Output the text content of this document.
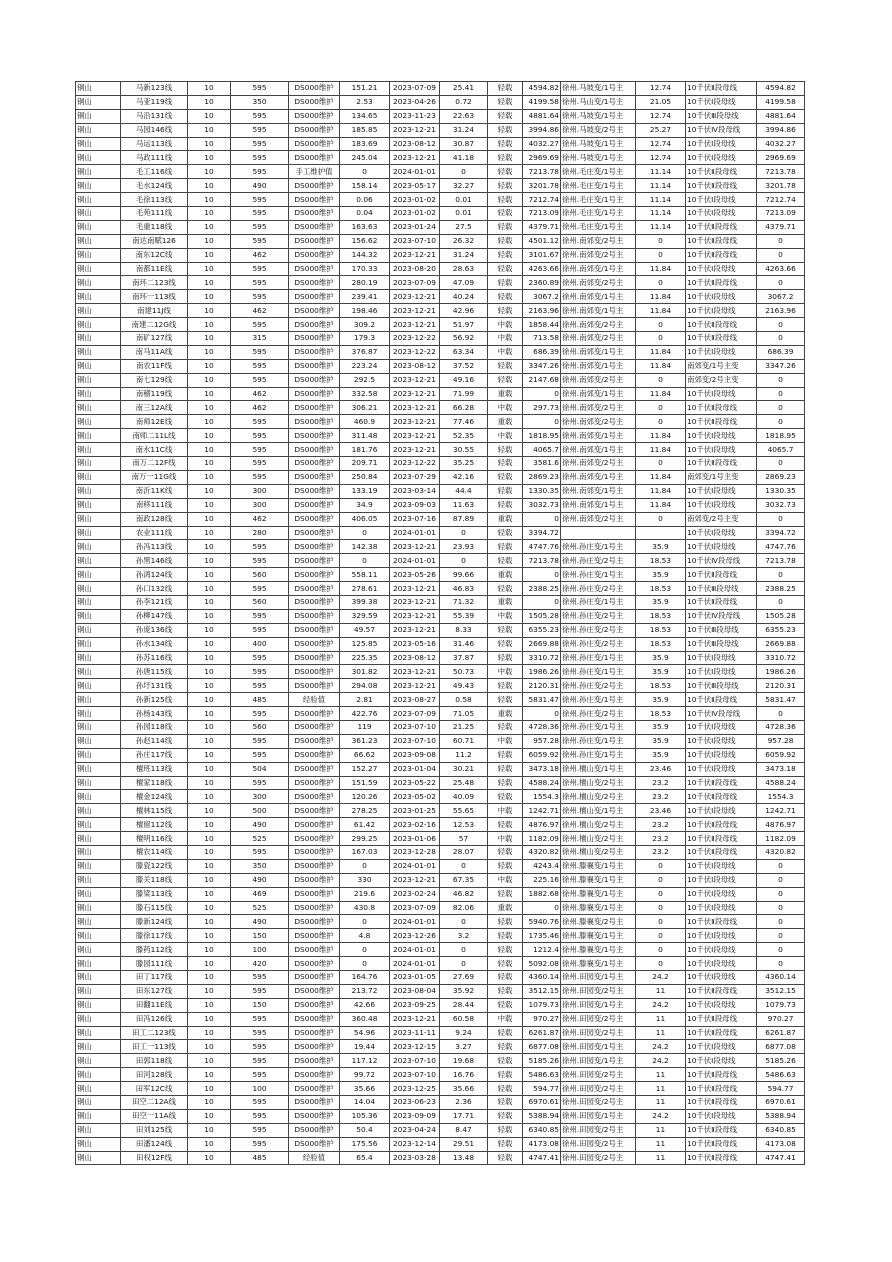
铜山	马新123线	10	595	DS000维护	151.21	2023-07-09	25.41	轻载	4594.82	徐州.马坡变/1号主	12.74	10千伏Ⅱ段母线	4594.82
铜山	马亚119线	10	350	DS000维护	2.53	2023-04-26	0.72	轻载	4199.58	徐州.马山变/1号主	21.05	10千伏Ⅰ段母线	4199.58
铜山	马沿131线	10	595	DS000维护	134.65	2023-11-23	22.63	轻载	4881.64	徐州.马坡变/1号主	12.74	10千伏Ⅲ段母线	4881.64
铜山	马园146线	10	595	DS000维护	185.85	2023-12-21	31.24	轻载	3994.86	徐州.马坡变/2号主	25.27	10千伏Ⅳ段母线	3994.86
铜山	马运113线	10	595	DS000维护	183.69	2023-08-12	30.87	轻载	4032.27	徐州.马坡变/1号主	12.74	10千伏Ⅰ段母线	4032.27
铜山	马政111线	10	595	DS000维护	245.04	2023-12-21	41.18	轻载	2969.69	徐州.马坡变/1号主	12.74	10千伏Ⅰ段母线	2969.69
铜山	毛工116线	10	595	手工维护值	0	2024-01-01	0	轻载	7213.78	徐州.毛庄变/1号主	11.14	10千伏Ⅱ段母线	7213.78
铜山	毛水124线	10	490	DS000维护	158.14	2023-05-17	32.27	轻载	3201.78	徐州.毛庄变/1号主	11.14	10千伏Ⅱ段母线	3201.78
铜山	毛徐113线	10	595	DS000维护	0.06	2023-01-02	0.01	轻载	7212.74	徐州.毛庄变/1号主	11.14	10千伏Ⅰ段母线	7212.74
铜山	毛苑111线	10	595	DS000维护	0.04	2023-01-02	0.01	轻载	7213.09	徐州.毛庄变/1号主	11.14	10千伏Ⅰ段母线	7213.09
铜山	毛重118线	10	595	DS000维护	163.63	2023-01-24	27.5	轻载	4379.71	徐州.毛庄变/1号主	11.14	10千伏Ⅱ段母线	4379.71
铜山	南达南赋126	10	595	DS000维护	156.62	2023-07-10	26.32	轻载	4501.12	徐州.南郊变/2号主	0	10千伏Ⅱ段母线	0
铜山	南东12C线	10	462	DS000维护	144.32	2023-12-21	31.24	轻载	3101.67	徐州.南郊变/2号主	0	10千伏Ⅱ段母线	0
铜山	南都11E线	10	595	DS000维护	170.33	2023-08-20	28.63	轻载	4263.66	徐州.南郊变/1号主	11.84	10千伏Ⅰ段母线	4263.66
铜山	南环二123线	10	595	DS000维护	280.19	2023-07-09	47.09	轻载	2360.89	徐州.南郊变/2号主	0	10千伏Ⅱ段母线	0
铜山	南环一113线	10	595	DS000维护	239.41	2023-12-21	40.24	轻载	3067.2	徐州.南郊变/1号主	11.84	10千伏Ⅰ段母线	3067.2
铜山	南建11J线	10	462	DS000维护	198.46	2023-12-21	42.96	轻载	2163.96	徐州.南郊变/1号主	11.84	10千伏Ⅰ段母线	2163.96
铜山	南建二12G线	10	595	DS000维护	309.2	2023-12-21	51.97	中载	1858.44	徐州.南郊变/2号主	0	10千伏Ⅱ段母线	0
铜山	南矿127线	10	315	DS000维护	179.3	2023-12-22	56.92	中载	713.58	徐州.南郊变/2号主	0	10千伏Ⅱ段母线	0
铜山	南马11A线	10	595	DS000维护	376.87	2023-12-22	63.34	中载	686.39	徐州.南郊变/1号主	11.84	10千伏Ⅰ段母线	686.39
铜山	南农11F线	10	595	DS000维护	223.24	2023-08-12	37.52	轻载	3347.26	徐州.南郊变/1号主	11.84	南郊变/1号主变	3347.26
铜山	南七129线	10	595	DS000维护	292.5	2023-12-21	49.16	轻载	2147.68	徐州.南郊变/2号主	0	南郊变/2号主变	0
铜山	南稽119线	10	462	DS000维护	332.58	2023-12-21	71.99	重载	0	徐州.南郊变/1号主	11.84	10千伏Ⅰ段母线	0
铜山	南三12A线	10	462	DS000维护	306.21	2023-12-21	66.28	中载	297.73	徐州.南郊变/2号主	0	10千伏Ⅱ段母线	0
铜山	南师12E线	10	595	DS000维护	460.9	2023-12-21	77.46	重载	0	徐州.南郊变/2号主	0	10千伏Ⅱ段母线	0
铜山	南师二11L线	10	595	DS000维护	311.48	2023-12-21	52.35	中载	1818.95	徐州.南郊变/1号主	11.84	10千伏Ⅰ段母线	1818.95
铜山	南水11C线	10	595	DS000维护	181.76	2023-12-21	30.55	轻载	4065.7	徐州.南郊变/1号主	11.84	10千伏Ⅰ段母线	4065.7
铜山	南万二12F线	10	595	DS000维护	209.71	2023-12-22	35.25	轻载	3581.6	徐州.南郊变/2号主	0	10千伏Ⅱ段母线	0
铜山	南万一11G线	10	595	DS000维护	250.84	2023-07-29	42.16	轻载	2869.23	徐州.南郊变/1号主	11.84	南郊变/1号主变	2869.23
铜山	南沂11K线	10	300	DS000维护	133.19	2023-03-14	44.4	轻载	1330.35	徐州.南郊变/1号主	11.84	10千伏Ⅰ段母线	1330.35
铜山	南移111线	10	300	DS000维护	34.9	2023-09-03	11.63	轻载	3032.73	徐州.南郊变/1号主	11.84	10千伏Ⅰ段母线	3032.73
铜山	南政128线	10	462	DS000维护	406.05	2023-07-16	87.89	重载	0	徐州.南郊变/2号主	0	南郊变/2号主变	0
铜山	农业111线	10	280	DS000维护	0	2024-01-01	0	轻载	3394.72			10千伏Ⅰ段母线	3394.72
铜山	孙冯113线	10	595	DS000维护	142.38	2023-12-21	23.93	轻载	4747.76	徐州.孙庄变/1号主	35.9	10千伏Ⅰ段母线	4747.76
铜山	孙黑146线	10	595	DS000维护	0	2024-01-01	0	轻载	7213.78	徐州.孙庄变/2号主	18.53	10千伏Ⅳ段母线	7213.78
铜山	孙鸿124线	10	560	DS000维护	558.11	2023-05-26	99.66	重载	0	徐州.孙庄变/1号主	35.9	10千伏Ⅱ段母线	0
铜山	孙口132线	10	595	DS000维护	278.61	2023-12-21	46.83	轻载	2388.25	徐州.孙庄变/2号主	18.53	10千伏Ⅲ段母线	2388.25
铜山	孙李121线	10	560	DS000维护	399.38	2023-12-21	71.32	重载	0	徐州.孙庄变/1号主	35.9	10千伏Ⅱ段母线	0
铜山	孙柳147线	10	595	DS000维护	329.59	2023-12-21	55.39	中载	1505.28	徐州.孙庄变/2号主	18.53	10千伏Ⅳ段母线	1505.28
铜山	孙庞136线	10	595	DS000维护	49.57	2023-12-21	8.33	轻载	6355.23	徐州.孙庄变/2号主	18.53	10千伏Ⅲ段母线	6355.23
铜山	孙水134线	10	400	DS000维护	125.85	2023-05-16	31.46	轻载	2669.88	徐州.孙庄变/2号主	18.53	10千伏Ⅲ段母线	2669.88
铜山	孙苏116线	10	595	DS000维护	225.35	2023-08-12	37.87	轻载	3310.72	徐州.孙庄变/1号主	35.9	10千伏Ⅰ段母线	3310.72
铜山	孙唐115线	10	595	DS000维护	301.82	2023-12-21	50.73	中载	1986.26	徐州.孙庄变/1号主	35.9	10千伏Ⅰ段母线	1986.26
铜山	孙圩131线	10	595	DS000维护	294.08	2023-12-21	49.43	轻载	2120.31	徐州.孙庄变/2号主	18.53	10千伏Ⅲ段母线	2120.31
铜山	孙新125线	10	485	经验值	2.81	2023-08-27	0.58	轻载	5831.47	徐州.孙庄变/1号主	35.9	10千伏Ⅱ段母线	5831.47
铜山	孙杨143线	10	595	DS000维护	422.76	2023-07-09	71.05	重载	0	徐州.孙庄变/2号主	18.53	10千伏Ⅳ段母线	0
铜山	孙园118线	10	560	DS000维护	119	2023-07-10	21.25	轻载	4728.36	徐州.孙庄变/1号主	35.9	10千伏Ⅰ段母线	4728.36
铜山	孙赵114线	10	595	DS000维护	361.23	2023-07-10	60.71	中载	957.28	徐州.孙庄变/1号主	35.9	10千伏Ⅰ段母线	957.28
铜山	孙庄117线	10	595	DS000维护	66.62	2023-09-08	11.2	轻载	6059.92	徐州.孙庄变/1号主	35.9	10千伏Ⅰ段母线	6059.92
铜山	檀班113线	10	504	DS000维护	152.27	2023-01-04	30.21	轻载	3473.18	徐州.檀山变/1号主	23.46	10千伏Ⅰ段母线	3473.18
铜山	檀家118线	10	595	DS000维护	151.59	2023-05-22	25.48	轻载	4588.24	徐州.檀山变/2号主	23.2	10千伏Ⅱ段母线	4588.24
铜山	檀金124线	10	300	DS000维护	120.26	2023-05-02	40.09	轻载	1554.3	徐州.檀山变/2号主	23.2	10千伏Ⅱ段母线	1554.3
铜山	檀林115线	10	500	DS000维护	278.25	2023-01-25	55.65	中载	1242.71	徐州.檀山变/1号主	23.46	10千伏Ⅰ段母线	1242.71
铜山	檀留112线	10	490	DS000维护	61.42	2023-02-16	12.53	轻载	4876.97	徐州.檀山变/2号主	23.2	10千伏Ⅱ段母线	4876.97
铜山	檀明116线	10	525	DS000维护	299.25	2023-01-06	57	中载	1182.09	徐州.檀山变/2号主	23.2	10千伏Ⅱ段母线	1182.09
铜山	檀农114线	10	595	DS000维护	167.03	2023-12-28	28.07	轻载	4320.82	徐州.檀山变/2号主	23.2	10千伏Ⅱ段母线	4320.82
铜山	滕瓷122线	10	350	DS000维护	0	2024-01-01	0	轻载	4243.4	徐州.滕襄变/1号主	0	10千伏Ⅰ段母线	0
铜山	滕关118线	10	490	DS000维护	330	2023-12-21	67.35	中载	225.16	徐州.滕襄变/1号主	0	10千伏Ⅰ段母线	0
铜山	滕梁113线	10	469	DS000维护	219.6	2023-02-24	46.82	轻载	1882.68	徐州.滕襄变/1号主	0	10千伏Ⅰ段母线	0
铜山	滕石115线	10	525	DS000维护	430.8	2023-07-09	82.06	重载	0	徐州.滕襄变/1号主	0	10千伏Ⅰ段母线	0
铜山	滕新124线	10	490	DS000维护	0	2024-01-01	0	轻载	5940.76	徐州.滕襄变/2号主	0	10千伏Ⅱ段母线	0
铜山	滕徐117线	10	150	DS000维护	4.8	2023-12-26	3.2	轻载	1735.46	徐州.滕襄变/1号主	0	10千伏Ⅰ段母线	0
铜山	滕药112线	10	100	DS000维护	0	2024-01-01	0	轻载	1212.4	徐州.滕襄变/1号主	0	10千伏Ⅰ段母线	0
铜山	滕园111线	10	420	DS000维护	0	2024-01-01	0	轻载	5092.08	徐州.滕襄变/1号主	0	10千伏Ⅰ段母线	0
铜山	田丁117线	10	595	DS000维护	164.76	2023-01-05	27.69	轻载	4360.14	徐州.田园变/1号主	24.2	10千伏Ⅰ段母线	4360.14
铜山	田东127线	10	595	DS000维护	213.72	2023-08-04	35.92	轻载	3512.15	徐州.田园变/2号主	11	10千伏Ⅱ段母线	3512.15
铜山	田翻11E线	10	150	DS000维护	42.66	2023-09-25	28.44	轻载	1079.73	徐州.田园变/1号主	24.2	10千伏Ⅰ段母线	1079.73
铜山	田冯126线	10	595	DS000维护	360.48	2023-12-21	60.58	中载	970.27	徐州.田园变/2号主	11	10千伏Ⅱ段母线	970.27
铜山	田工二123线	10	595	DS000维护	54.96	2023-11-11	9.24	轻载	6261.87	徐州.田园变/2号主	11	10千伏Ⅱ段母线	6261.87
铜山	田工一113线	10	595	DS000维护	19.44	2023-12-15	3.27	轻载	6877.08	徐州.田园变/1号主	24.2	10千伏Ⅰ段母线	6877.08
铜山	田郭118线	10	595	DS000维护	117.12	2023-07-10	19.68	轻载	5185.26	徐州.田园变/1号主	24.2	10千伏Ⅰ段母线	5185.26
铜山	田河128线	10	595	DS000维护	99.72	2023-07-10	16.76	轻载	5486.63	徐州.田园变/2号主	11	10千伏Ⅱ段母线	5486.63
铜山	田军12C线	10	100	DS000维护	35.66	2023-12-25	35.66	轻载	594.77	徐州.田园变/2号主	11	10千伏Ⅱ段母线	594.77
铜山	田空二12A线	10	595	DS000维护	14.04	2023-06-23	2.36	轻载	6970.61	徐州.田园变/2号主	11	10千伏Ⅱ段母线	6970.61
铜山	田空一11A线	10	595	DS000维护	105.36	2023-09-09	17.71	轻载	5388.94	徐州.田园变/1号主	24.2	10千伏Ⅰ段母线	5388.94
铜山	田刘125线	10	595	DS000维护	50.4	2023-04-24	8.47	轻载	6340.85	徐州.田园变/2号主	11	10千伏Ⅱ段母线	6340.85
铜山	田潘124线	10	595	DS000维护	175.56	2023-12-14	29.51	轻载	4173.08	徐州.田园变/2号主	11	10千伏Ⅱ段母线	4173.08
铜山	田权12F线	10	485	经验值	65.4	2023-03-28	13.48	轻载	4747.41	徐州.田园变/2号主	11	10千伏Ⅱ段母线	4747.41
